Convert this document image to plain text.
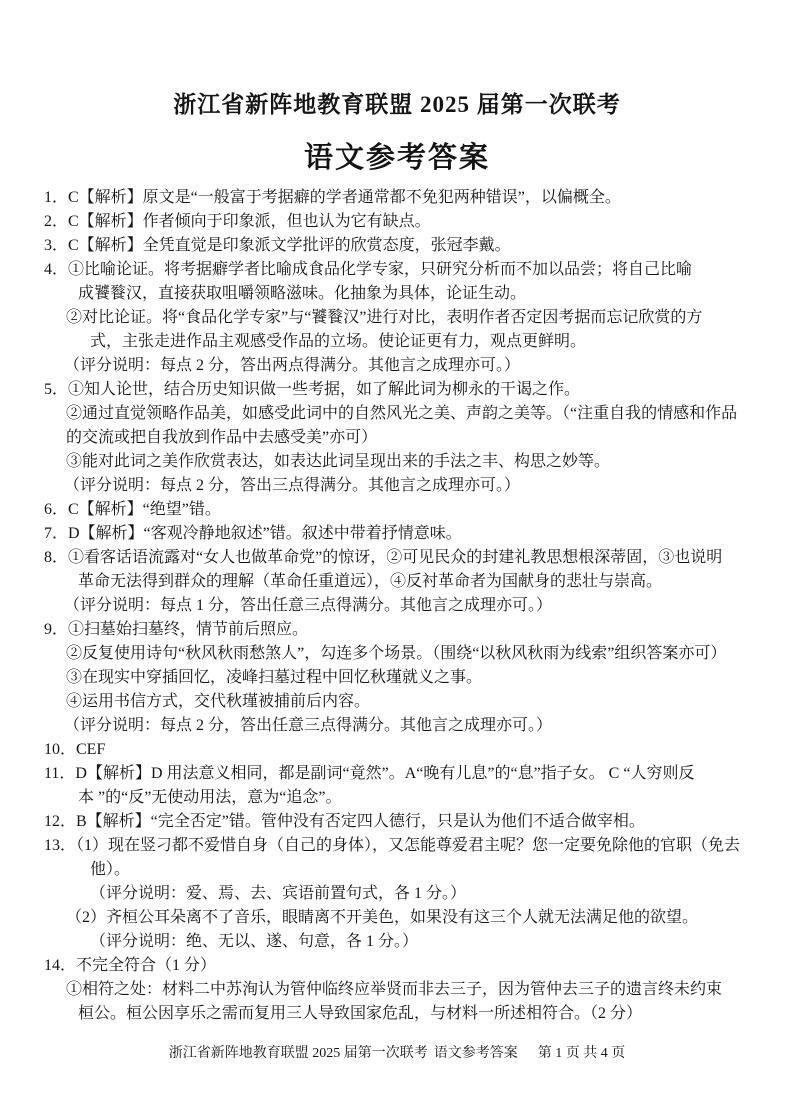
浙江省新阵地教育联盟 2025 届第一次联考
语文参考答案
1．C【解析】原文是“一般富于考据癖的学者通常都不免犯两种错误”，以偏概全。
2．C【解析】作者倾向于印象派，但也认为它有缺点。
3．C【解析】全凭直觉是印象派文学批评的欣赏态度，张冠李戴。
4．①比喻论证。将考据癖学者比喻成食品化学专家，只研究分析而不加以品尝；将自己比喻
成饕餮汉，直接获取咀嚼领略滋味。化抽象为具体，论证生动。
②对比论证。将“食品化学专家”与“饕餮汉”进行对比，表明作者否定因考据而忘记欣赏的方
式，主张走进作品主观感受作品的立场。使论证更有力，观点更鲜明。
（评分说明：每点 2 分，答出两点得满分。其他言之成理亦可。）
5．①知人论世，结合历史知识做一些考据，如了解此词为柳永的干谒之作。
②通过直觉领略作品美，如感受此词中的自然风光之美、声韵之美等。（“注重自我的情感和作品
的交流或把自我放到作品中去感受美”亦可）
③能对此词之美作欣赏表达，如表达此词呈现出来的手法之丰、构思之妙等。
（评分说明：每点 2 分，答出三点得满分。其他言之成理亦可。）
6．C【解析】“绝望”错。
7．D【解析】“客观冷静地叙述”错。叙述中带着抒情意味。
8．①看客话语流露对“女人也做革命党”的惊讶，②可见民众的封建礼教思想根深蒂固，③也说明
革命无法得到群众的理解（革命任重道远），④反衬革命者为国献身的悲壮与崇高。
（评分说明：每点 1 分，答出任意三点得满分。其他言之成理亦可。）
9．①扫墓始扫墓终，情节前后照应。
②反复使用诗句“秋风秋雨愁煞人”，勾连多个场景。（围绕“以秋风秋雨为线索”组织答案亦可）
③在现实中穿插回忆，凌峰扫墓过程中回忆秋瑾就义之事。
④运用书信方式，交代秋瑾被捕前后内容。
（评分说明：每点 2 分，答出任意三点得满分。其他言之成理亦可。）
10．CEF
11．D【解析】D 用法意义相同，都是副词“竟然”。A“晚有儿息”的“息”指子女。 C “人穷则反
本 ”的“反”无使动用法，意为“追念”。
12．B【解析】“完全否定”错。管仲没有否定四人德行，只是认为他们不适合做宰相。
13．（1）现在竖刁都不爱惜自身（自己的身体），又怎能尊爱君主呢？您一定要免除他的官职（免去
他）。
（评分说明：爱、焉、去、宾语前置句式，各 1 分。）
（2）齐桓公耳朵离不了音乐，眼睛离不开美色，如果没有这三个人就无法满足他的欲望。
（评分说明：绝、无以、遂、句意，各 1 分。）
14．不完全符合（1 分）
①相符之处：材料二中苏洵认为管仲临终应举贤而非去三子，因为管仲去三子的遗言终未约束
桓公。桓公因享乐之需而复用三人导致国家危乱，与材料一所述相符合。（2 分）
浙江省新阵地教育联盟 2025 届第一次联考 语文参考答案　 第 1 页 共 4 页
